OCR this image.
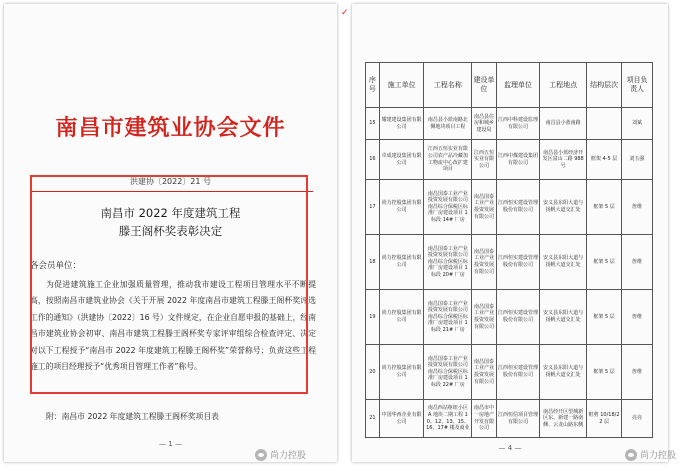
南昌市建筑业协会文件
洪建协〔2022〕21 号
南昌市 2022 年度建筑工程
滕王阁杯奖表彰决定
各会员单位：
为促进建筑施工企业加强质量管理，推动我市建设工程项目管理水平不断提高，按照南昌市建筑业协会《关于开展 2022 年度南昌市建筑工程滕王阁杯奖评选工作的通知》（洪建协〔2022〕16 号）文件规定，在企业自愿申报的基础上，经南昌市建筑业协会初审、南昌市建筑工程滕王阁杯奖专家评审组综合检查评定、决定对以下工程授予“南昌市 2022 年度建筑工程滕王阁杯奖”荣誉称号；负责这些工程施工的项目经理授予“优秀项目管理工作者”称号。
附：南昌市 2022 年度建筑工程滕王阁杯奖项目表
— 1 —
序号	施工单位	工程名称	建设单位	监理单位	工程地点	结构层次	项目负责人
15	耀建建设集团有限公司	南昌县小蓝南路北侧地块项目工程	南昌县住房和城乡建设局	江西中科建设监理有限公司	南昌县小蓝南路		刘斌
16	卓成建设集团有限公司	江西五恒实业有限公司农产品冷藏加工物流中心改扩建项目	江西五恒实业有限公司	江西中煤建设集团有限公司	南昌县小蓝经济开发区富山二路 988 号	框架 4-5 层	刘五强
17	尚力控股集团有限公司	南昌国泰工业产业投资发展有限公司南昌综合保税区标准厂房建设项目 1 标段 14# 厂房	南昌国泰工业产业投资发展有限公司	江西恒实建设管理股份有限公司	安义县东阳大道与扬帆大道交汇处	框架 5 层	詹维
18	尚力控股集团有限公司	南昌国泰工业产业投资发展有限公司南昌综合保税区标准厂房建设项目 1 标段 20# 厂房	南昌国泰工业产业投资发展有限公司	江西恒实建设管理股份有限公司	安义县东阳大道与扬帆大道交汇处	框架 5 层	詹维
19	尚力控股集团有限公司	南昌国泰工业产业投资发展有限公司南昌综合保税区标准厂房建设项目 1 标段 21# 厂房	南昌国泰工业产业投资发展有限公司	江西恒实建设管理股份有限公司	安义县东阳大道与扬帆大道交汇处	框架 5 层	詹维
20	尚力控股集团有限公司	南昌国泰工业产业投资发展有限公司南昌综合保税区标准厂房建设项目 1 标段 22# 厂房	南昌国泰工业产业投资发展有限公司	江西恒实建设管理股份有限公司	安义县东阳大道与扬帆大道交汇处	框架 5 层	詹维
21	中国华西企业有限公司	南昌西站枢纽小区 A 地块二期工程 10、12、13、15、16、17# 楼及商业	南昌市中一房地产开发有限公司	江西恒信项目管理有限公司	南昌经开区望城新区东、新建一路南侧、云龙山路东侧	框剪 10/18/22 层	亮亮
— 4 —
✓
尚力控股	尚力控股
